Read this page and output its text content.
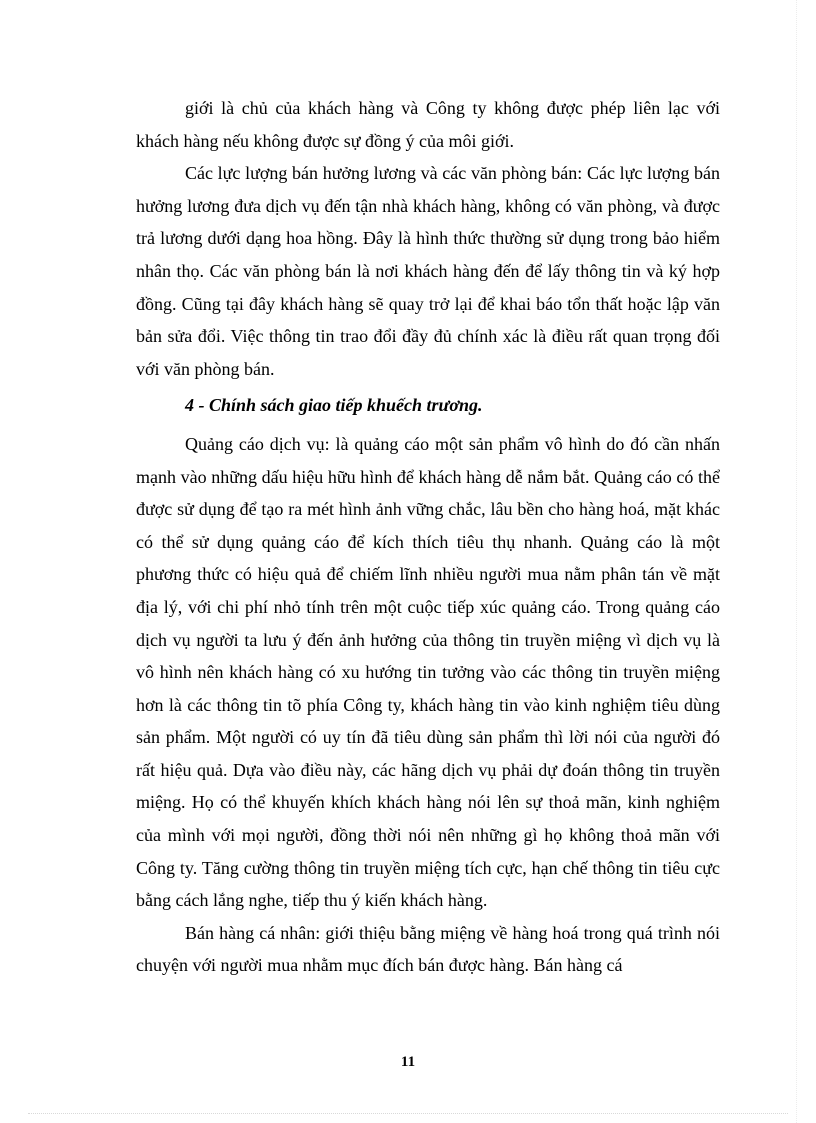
giới là chủ của khách hàng và Công ty không được phép liên lạc với khách hàng nếu không được sự đồng ý của môi giới.

Các lực lượng bán hưởng lương và các văn phòng bán: Các lực lượng bán hưởng lương đưa dịch vụ đến tận nhà khách hàng, không có văn phòng, và được trả lương dưới dạng hoa hồng. Đây là hình thức thường sử dụng trong bảo hiểm nhân thọ. Các văn phòng bán là nơi khách hàng đến để lấy thông tin và ký hợp đồng. Cũng tại đây khách hàng sẽ quay trở lại để khai báo tổn thất hoặc lập văn bản sửa đổi. Việc thông tin trao đổi đầy đủ chính xác là điều rất quan trọng đối với văn phòng bán.

4 - Chính sách giao tiếp khuếch trương.

Quảng cáo dịch vụ: là quảng cáo một sản phẩm vô hình do đó cần nhấn mạnh vào những dấu hiệu hữu hình để khách hàng dễ nắm bắt. Quảng cáo có thể được sử dụng để tạo ra mét hình ảnh vững chắc, lâu bền cho hàng hoá, mặt khác có thể sử dụng quảng cáo để kích thích tiêu thụ nhanh. Quảng cáo là một phương thức có hiệu quả để chiếm lĩnh nhiều người mua nằm phân tán về mặt địa lý, với chi phí nhỏ tính trên một cuộc tiếp xúc quảng cáo. Trong quảng cáo dịch vụ người ta lưu ý đến ảnh hưởng của thông tin truyền miệng vì dịch vụ là vô hình nên khách hàng có xu hướng tin tưởng vào các thông tin truyền miệng hơn là các thông tin tõ phía Công ty, khách hàng tin vào kinh nghiệm tiêu dùng sản phẩm. Một người có uy tín đã tiêu dùng sản phẩm thì lời nói của người đó rất hiệu quả. Dựa vào điều này, các hãng dịch vụ phải dự đoán thông tin truyền miệng. Họ có thể khuyến khích khách hàng nói lên sự thoả mãn, kinh nghiệm của mình với mọi người, đồng thời nói nên những gì họ không thoả mãn với Công ty. Tăng cường thông tin truyền miệng tích cực, hạn chế thông tin tiêu cực bằng cách lắng nghe, tiếp thu ý kiến khách hàng.

Bán hàng cá nhân: giới thiệu bằng miệng về hàng hoá trong quá trình nói chuyện với người mua nhằm mục đích bán được hàng. Bán hàng cá

11
